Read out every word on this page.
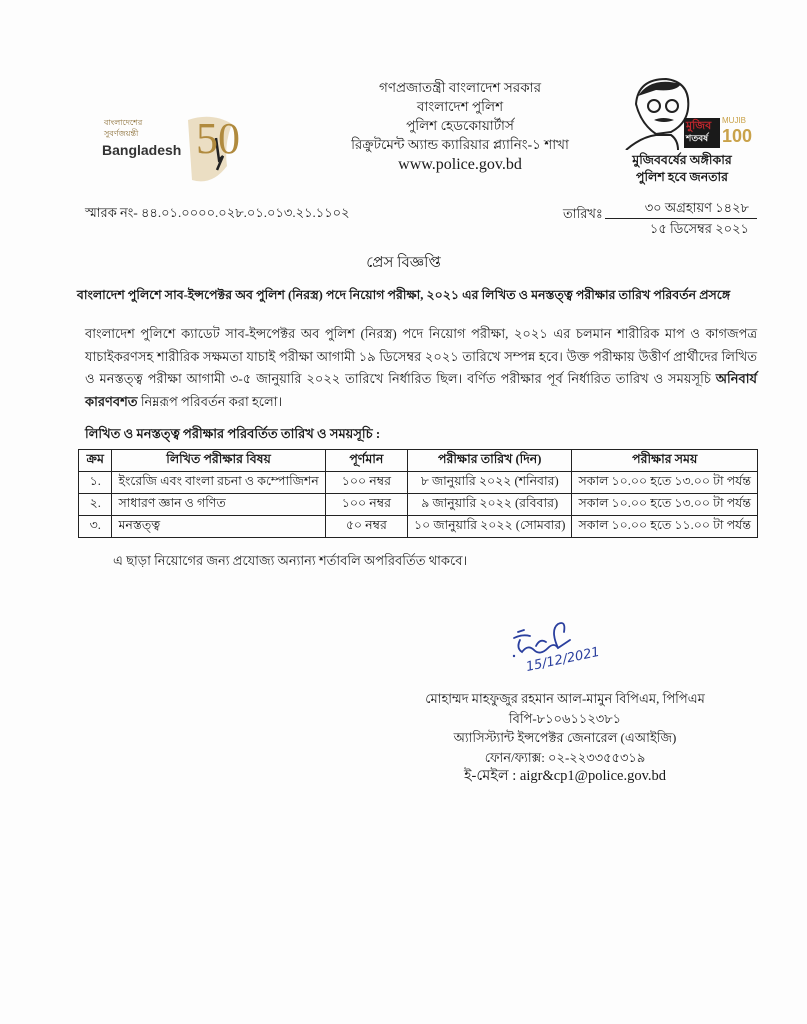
বাংলাদেশের
সুবর্ণজয়ন্তী
Bangladesh 50
গণপ্রজাতন্ত্রী বাংলাদেশ সরকার
বাংলাদেশ পুলিশ
পুলিশ হেডকোয়ার্টার্স
রিক্রুটমেন্ট অ্যান্ড ক্যারিয়ার প্ল্যানিং-১ শাখা
www.police.gov.bd
মুজিব
শতবর্ষ
MUJIB
100
মুজিববর্ষের অঙ্গীকার
পুলিশ হবে জনতার
স্মারক নং- ৪৪.০১.০০০০.০২৮.০১.০১৩.২১.১১০২	তারিখঃ	৩০ অগ্রহায়ণ ১৪২৮
১৫ ডিসেম্বর ২০২১
প্রেস বিজ্ঞপ্তি
বাংলাদেশ পুলিশে সাব-ইন্সপেক্টর অব পুলিশ (নিরস্ত্র) পদে নিয়োগ পরীক্ষা, ২০২১ এর লিখিত ও মনস্তত্ত্ব পরীক্ষার তারিখ পরিবর্তন প্রসঙ্গে
বাংলাদেশ পুলিশে ক্যাডেট সাব-ইন্সপেক্টর অব পুলিশ (নিরস্ত্র) পদে নিয়োগ পরীক্ষা, ২০২১ এর চলমান শারীরিক মাপ ও কাগজপত্র যাচাইকরণসহ শারীরিক সক্ষমতা যাচাই পরীক্ষা আগামী ১৯ ডিসেম্বর ২০২১ তারিখে সম্পন্ন হবে। উক্ত পরীক্ষায় উত্তীর্ণ প্রার্থীদের লিখিত ও মনস্তত্ত্ব পরীক্ষা আগামী ৩-৫ জানুয়ারি ২০২২ তারিখে নির্ধারিত ছিল। বর্ণিত পরীক্ষার পূর্ব নির্ধারিত তারিখ ও সময়সূচি অনিবার্য কারণবশত নিম্নরূপ পরিবর্তন করা হলো।
লিখিত ও মনস্তত্ত্ব পরীক্ষার পরিবর্তিত তারিখ ও সময়সূচি :
ক্রম	লিখিত পরীক্ষার বিষয়	পূর্ণমান	পরীক্ষার তারিখ (দিন)	পরীক্ষার সময়
১.	ইংরেজি এবং বাংলা রচনা ও কম্পোজিশন	১০০ নম্বর	৮ জানুয়ারি ২০২২ (শনিবার)	সকাল ১০.০০ হতে ১৩.০০ টা পর্যন্ত
২.	সাধারণ জ্ঞান ও গণিত	১০০ নম্বর	৯ জানুয়ারি ২০২২ (রবিবার)	সকাল ১০.০০ হতে ১৩.০০ টা পর্যন্ত
৩.	মনস্তত্ত্ব	৫০ নম্বর	১০ জানুয়ারি ২০২২ (সোমবার)	সকাল ১০.০০ হতে ১১.০০ টা পর্যন্ত
এ ছাড়া নিয়োগের জন্য প্রযোজ্য অন্যান্য শর্তাবলি অপরিবর্তিত থাকবে।
15/12/2021
মোহাম্মদ মাহফুজুর রহমান আল-মামুন বিপিএম, পিপিএম
বিপি-৮১০৬১১২৩৮১
অ্যাসিস্ট্যান্ট ইন্সপেক্টর জেনারেল (এআইজি)
ফোন/ফ্যাক্স: ০২-২২৩৩৫৫৩১৯
ই-মেইল : aigr&cp1@police.gov.bd
